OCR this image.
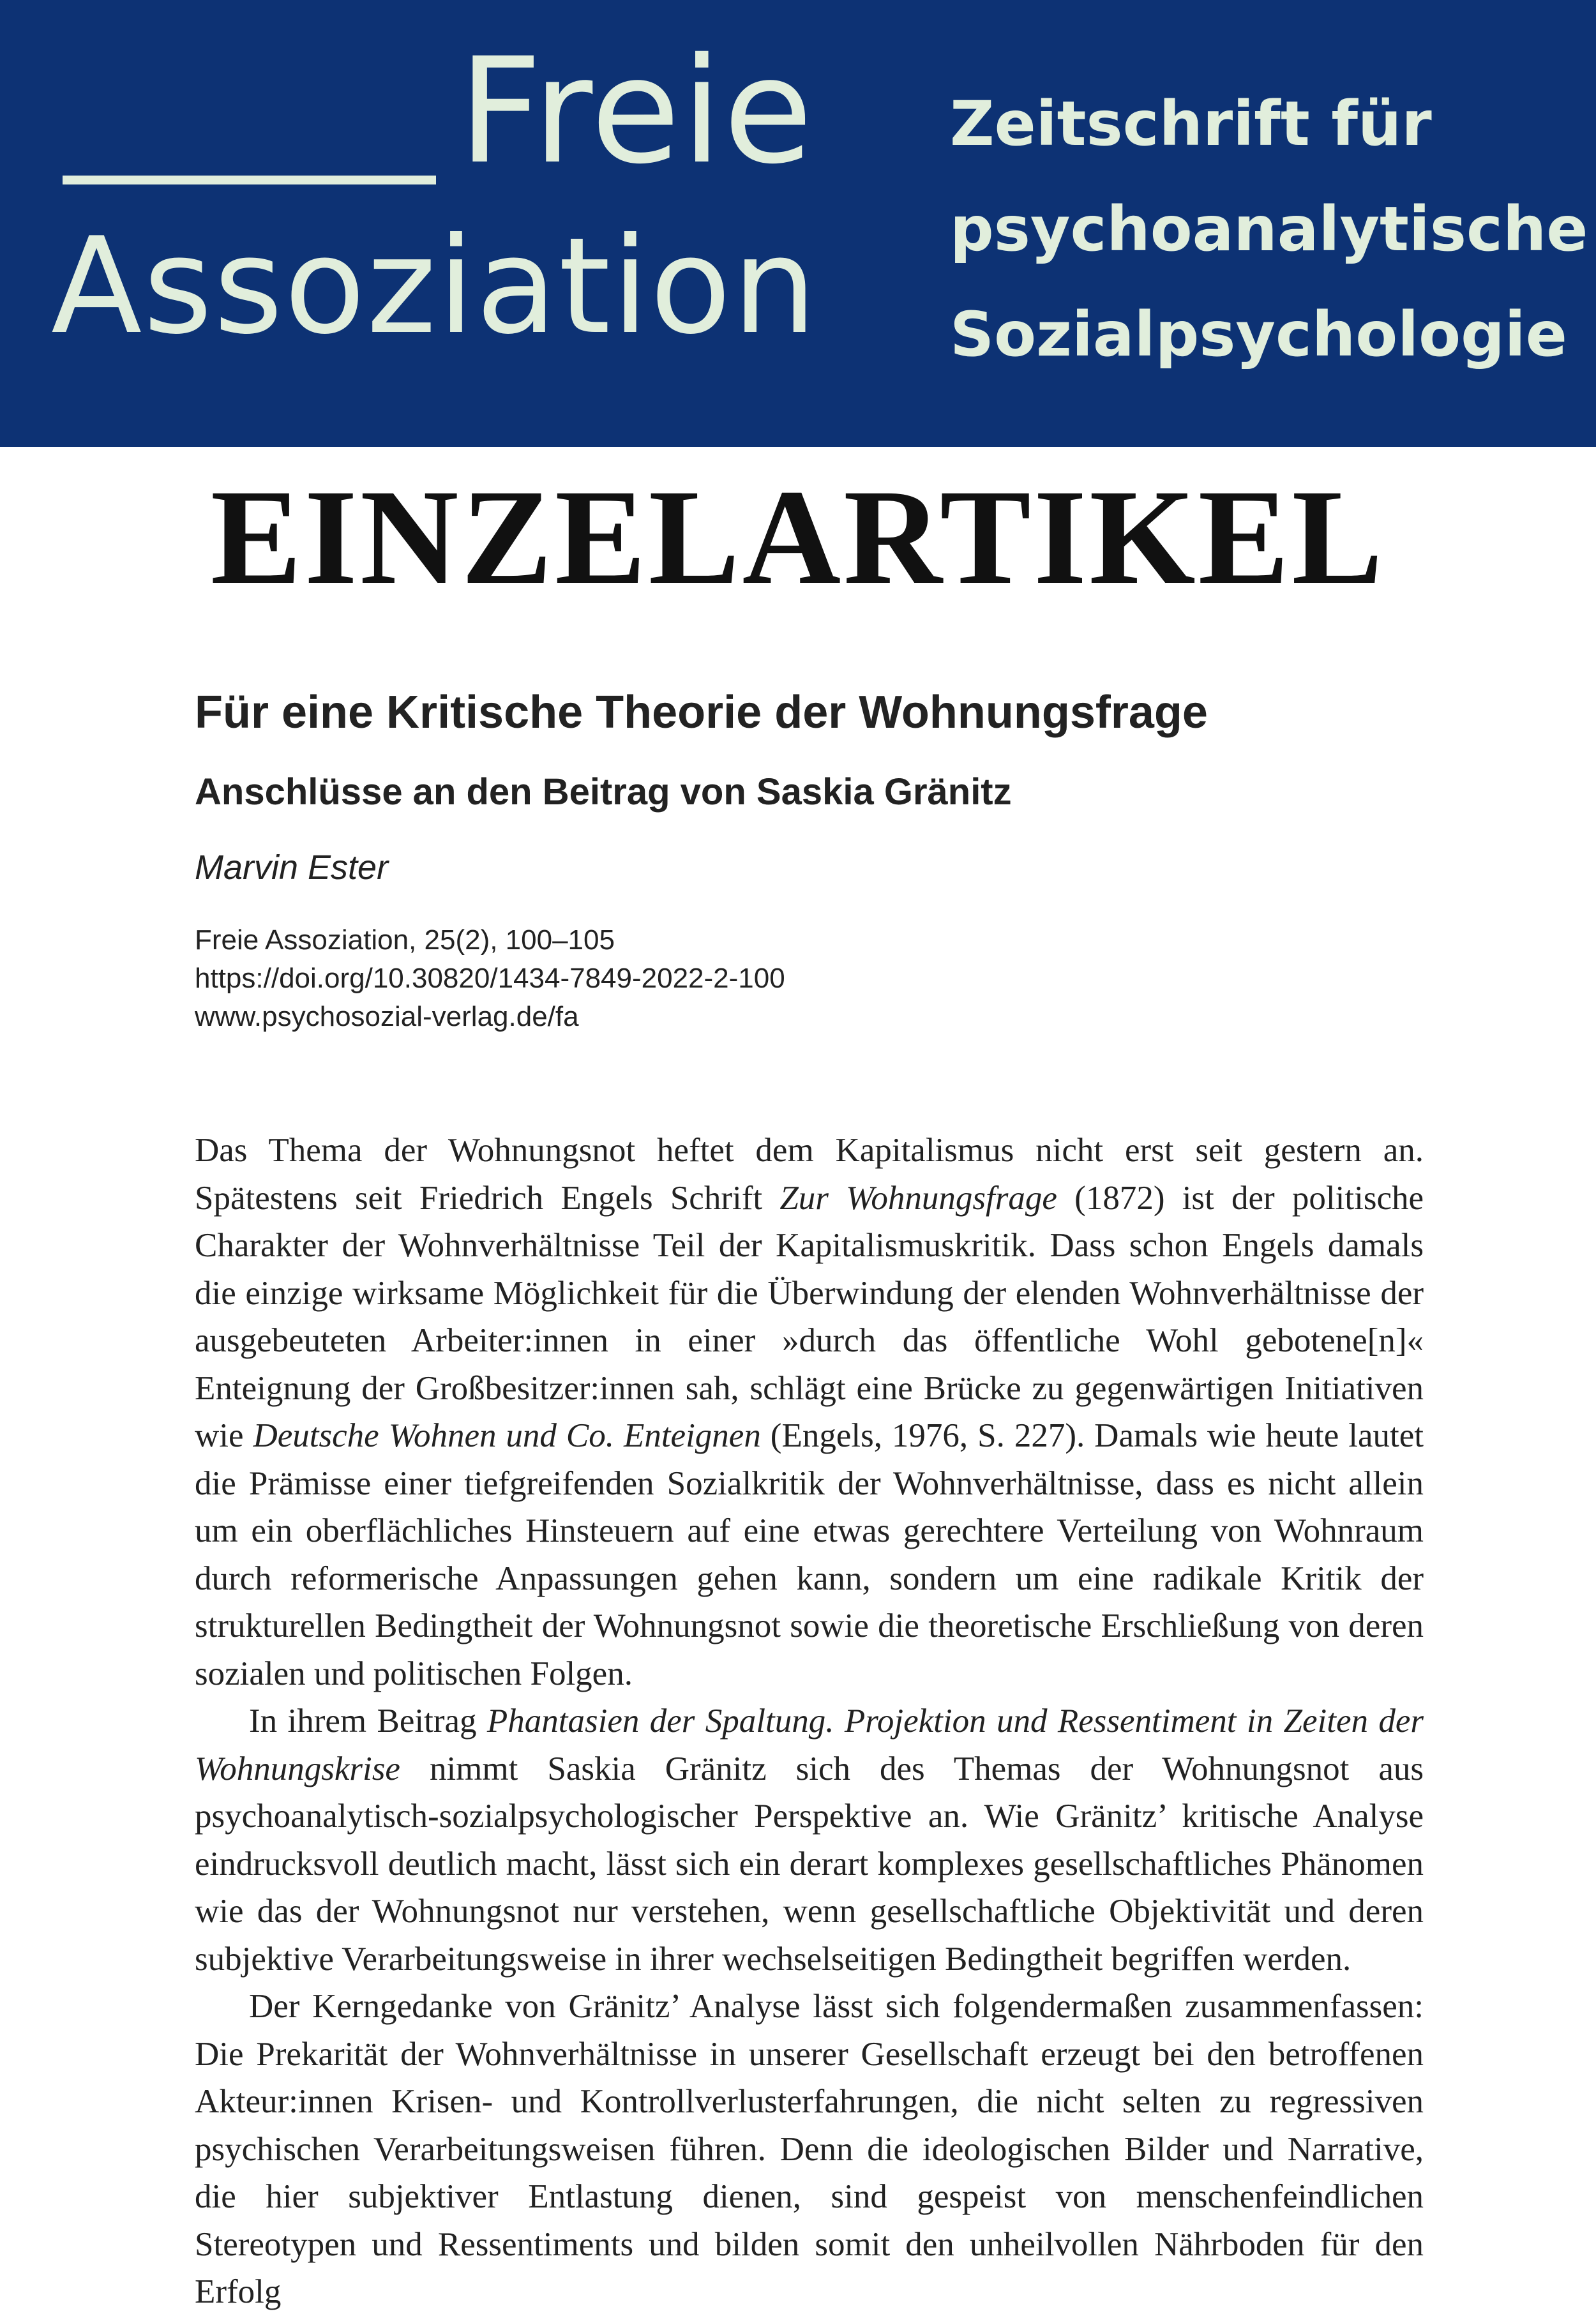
Freie
Assoziation
Zeitschrift für
psychoanalytische
Sozialpsychologie
EINZELARTIKEL
Für eine Kritische Theorie der Wohnungsfrage
Anschlüsse an den Beitrag von Saskia Gränitz
Marvin Ester
Freie Assoziation, 25(2), 100–105
https://doi.org/10.30820/1434-7849-2022-2-100
www.psychosozial-verlag.de/fa

Das Thema der Wohnungsnot heftet dem Kapitalismus nicht erst seit gestern an. Spätestens seit Friedrich Engels Schrift Zur Wohnungsfrage (1872) ist der politische Charakter der Wohnverhältnisse Teil der Kapitalismuskritik. Dass schon Engels damals die einzige wirksame Möglichkeit für die Überwindung der elenden Wohnverhältnisse der ausgebeuteten Arbeiter:innen in einer »durch das öffentliche Wohl gebotene[n]« Enteignung der Großbesitzer:innen sah, schlägt eine Brücke zu gegenwärtigen Initiativen wie Deutsche Wohnen und Co. Enteignen (Engels, 1976, S. 227). Damals wie heute lautet die Prämisse einer tiefgreifenden Sozialkritik der Wohnverhältnisse, dass es nicht allein um ein oberflächliches Hinsteuern auf eine etwas gerechtere Verteilung von Wohnraum durch reformerische Anpassungen gehen kann, sondern um eine radikale Kritik der strukturellen Bedingtheit der Wohnungsnot sowie die theoretische Erschließung von deren sozialen und politischen Folgen.

In ihrem Beitrag Phantasien der Spaltung. Projektion und Ressentiment in Zeiten der Wohnungskrise nimmt Saskia Gränitz sich des Themas der Wohnungsnot aus psychoanalytisch-sozialpsychologischer Perspektive an. Wie Gränitz’ kritische Analyse eindrucksvoll deutlich macht, lässt sich ein derart komplexes gesellschaftliches Phänomen wie das der Wohnungsnot nur verstehen, wenn gesellschaftliche Objektivität und deren subjektive Verarbeitungsweise in ihrer wechselseitigen Bedingtheit begriffen werden.

Der Kerngedanke von Gränitz’ Analyse lässt sich folgendermaßen zusammenfassen: Die Prekarität der Wohnverhältnisse in unserer Gesellschaft erzeugt bei den betroffenen Akteur:innen Krisen- und Kontrollverlusterfahrungen, die nicht selten zu regressiven psychischen Verarbeitungsweisen führen. Denn die ideologischen Bilder und Narrative, die hier subjektiver Entlastung dienen, sind gespeist von menschenfeindlichen Stereotypen und Ressentiments und bilden somit den unheilvollen Nährboden für den Erfolg
